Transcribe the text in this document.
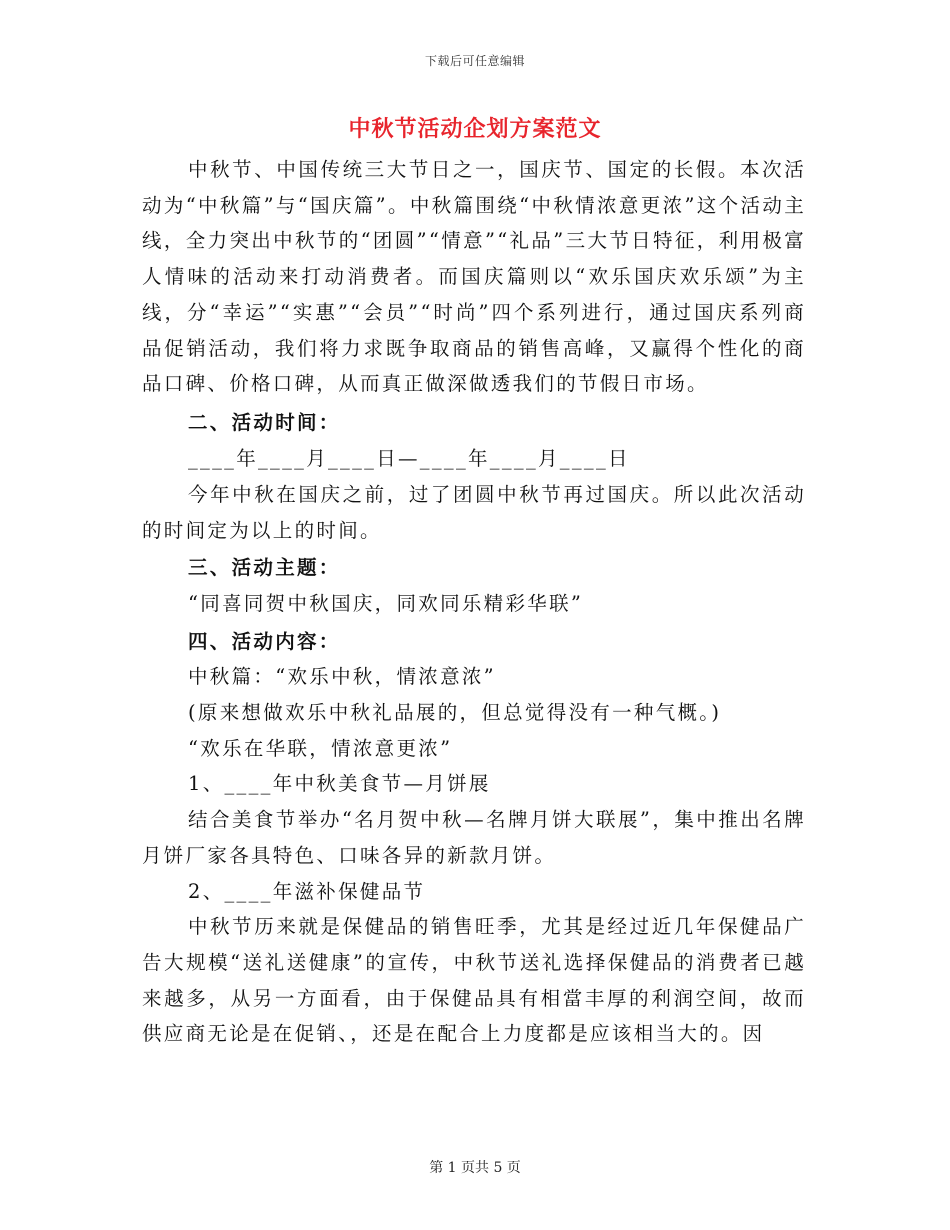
下载后可任意编辑
中秋节活动企划方案范文

中秋节、中国传统三大节日之一，国庆节、国定的长假。本次活动为“中秋篇”与“国庆篇”。中秋篇围绕“中秋情浓意更浓”这个活动主线，全力突出中秋节的“团圆”“情意”“礼品”三大节日特征，利用极富人情味的活动来打动消费者。而国庆篇则以“欢乐国庆欢乐颂”为主线，分“幸运”“实惠”“会员”“时尚”四个系列进行，通过国庆系列商品促销活动，我们将力求既争取商品的销售高峰，又赢得个性化的商品口碑、价格口碑，从而真正做深做透我们的节假日市场。

二、活动时间：

____年____月____日—____年____月____日

今年中秋在国庆之前，过了团圆中秋节再过国庆。所以此次活动的时间定为以上的时间。

三、活动主题：

“同喜同贺中秋国庆，同欢同乐精彩华联”

四、活动内容：

中秋篇：“欢乐中秋，情浓意浓”

(原来想做欢乐中秋礼品展的，但总觉得没有一种气概。)

“欢乐在华联，情浓意更浓”

1、____年中秋美食节—月饼展

结合美食节举办“名月贺中秋—名牌月饼大联展”，集中推出名牌月饼厂家各具特色、口味各异的新款月饼。

2、____年滋补保健品节

中秋节历来就是保健品的销售旺季，尤其是经过近几年保健品广告大规模“送礼送健康”的宣传，中秋节送礼选择保健品的消费者已越来越多，从另一方面看，由于保健品具有相當丰厚的利润空间，故而供应商无论是在促销、，还是在配合上力度都是应该相当大的。因

第 1 页共 5 页
